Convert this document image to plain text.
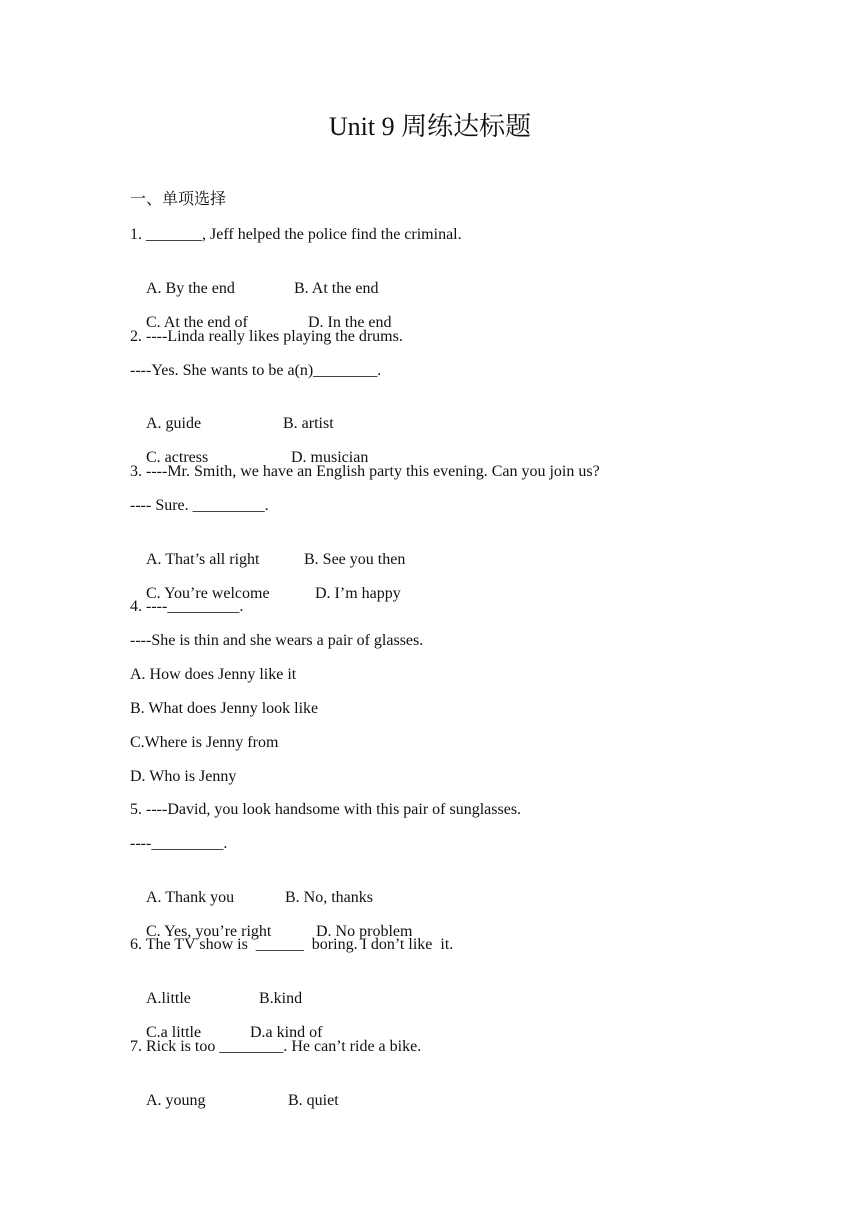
Unit 9 周练达标题
一、单项选择
1. _______, Jeff helped the police find the criminal.

A. By the end	B. At the end

C. At the end of	D. In the end

2. ----Linda really likes playing the drums.
----Yes. She wants to be a(n)________.

A. guide	B. artist

C. actress	D. musician

3. ----Mr. Smith, we have an English party this evening. Can you join us?
---- Sure. _________.

A. That’s all right	B. See you then

C. You’re welcome	D. I’m happy

4. ----_________.
----She is thin and she wears a pair of glasses.
A. How does Jenny like it
B. What does Jenny look like
C.Where is Jenny from
D. Who is Jenny
5. ----David, you look handsome with this pair of sunglasses.
----_________.

A. Thank you	B. No, thanks

C. Yes, you’re right	D. No problem

6. The TV show is  ______  boring. I don’t like  it.

A.little	B.kind

C.a little	D.a kind of

7. Rick is too ________. He can’t ride a bike.

A. young	B. quiet
